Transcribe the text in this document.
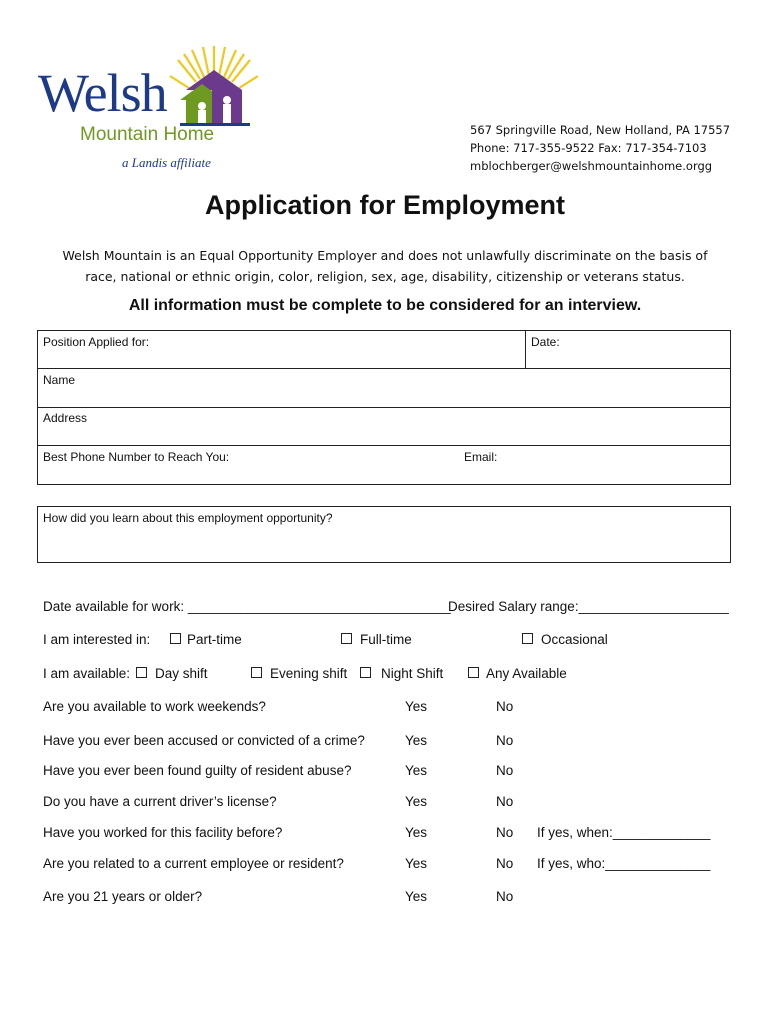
Welsh
Mountain Home
a Landis affiliate
567 Springville Road, New Holland, PA 17557
Phone: 717-355-9522 Fax: 717-354-7103
mblochberger@welshmountainhome.orgg
Application for Employment
Welsh Mountain is an Equal Opportunity Employer and does not unlawfully discriminate on the basis of
race, national or ethnic origin, color, religion, sex, age, disability, citizenship or veterans status.
All information must be complete to be considered for an interview.
Position Applied for:	Date:
Name
Address
Best Phone Number to Reach You:	Email:
How did you learn about this employment opportunity?
Date available for work: ___________________________________
Desired Salary range:____________________
I am interested in:	Part-time	Full-time	Occasional
I am available: Day shift	Evening shift Night Shift	Any Available
Are you available to work weekends?	Yes	No
Have you ever been accused or convicted of a crime?	Yes	No
Have you ever been found guilty of resident abuse?	Yes	No
Do you have a current driver’s license?	Yes	No
Have you worked for this facility before?	Yes	No If yes, when:_____________
Are you related to a current employee or resident?	Yes	No If yes, who:______________
Are you 21 years or older?	Yes	No
